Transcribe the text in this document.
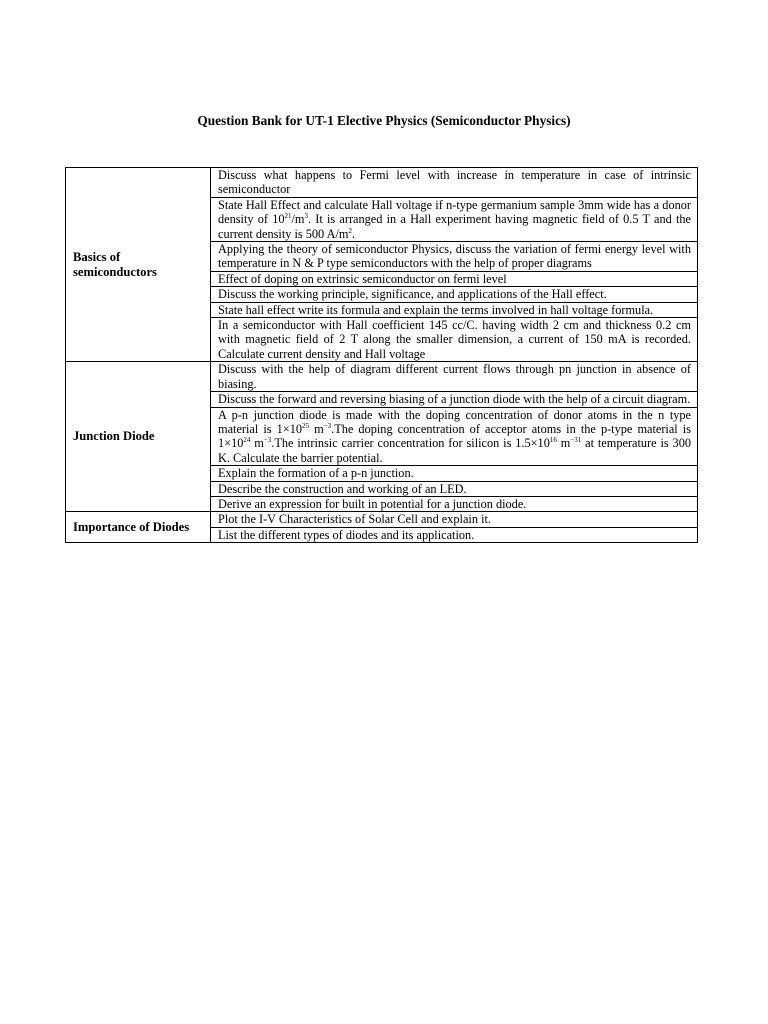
Question Bank for UT-1 Elective Physics (Semiconductor Physics)
Basics of semiconductors	Discuss what happens to Fermi level with increase in temperature in case of intrinsic semiconductor
	State Hall Effect and calculate Hall voltage if n-type germanium sample 3mm wide has a donor density of $10^{21}/m^3$. It is arranged in a Hall experiment having magnetic field of 0.5 T and the current density is 500 $A/m^2$.
	Applying the theory of semiconductor Physics, discuss the variation of fermi energy level with temperature in N & P type semiconductors with the help of proper diagrams
	Effect of doping on extrinsic semiconductor on fermi level
	Discuss the working principle, significance, and applications of the Hall effect.
	State hall effect write its formula and explain the terms involved in hall voltage formula.
	In a semiconductor with Hall coefficient 145 cc/C. having width 2 cm and thickness 0.2 cm with magnetic field of 2 T along the smaller dimension, a current of 150 mA is recorded. Calculate current density and Hall voltage
Junction Diode	Discuss with the help of diagram different current flows through pn junction in absence of biasing.
	Discuss the forward and reversing biasing of a junction diode with the help of a circuit diagram.
	A p-n junction diode is made with the doping concentration of donor atoms in the n type material is $1\times 10^{25}$ $m^{-3}.The$ doping concentration of acceptor atoms in the p-type material is $1\times 10^{24}$ $m^{-3}.The$ intrinsic carrier concentration for silicon is $1.5\times 10^{16}$ $m^{-31}$ at temperature is 300 K. Calculate the barrier potential.
	Explain the formation of a p-n junction.
	Describe the construction and working of an LED.
	Derive an expression for built in potential for a junction diode.
Importance of Diodes	Plot the I-V Characteristics of Solar Cell and explain it.
	List the different types of diodes and its application.
